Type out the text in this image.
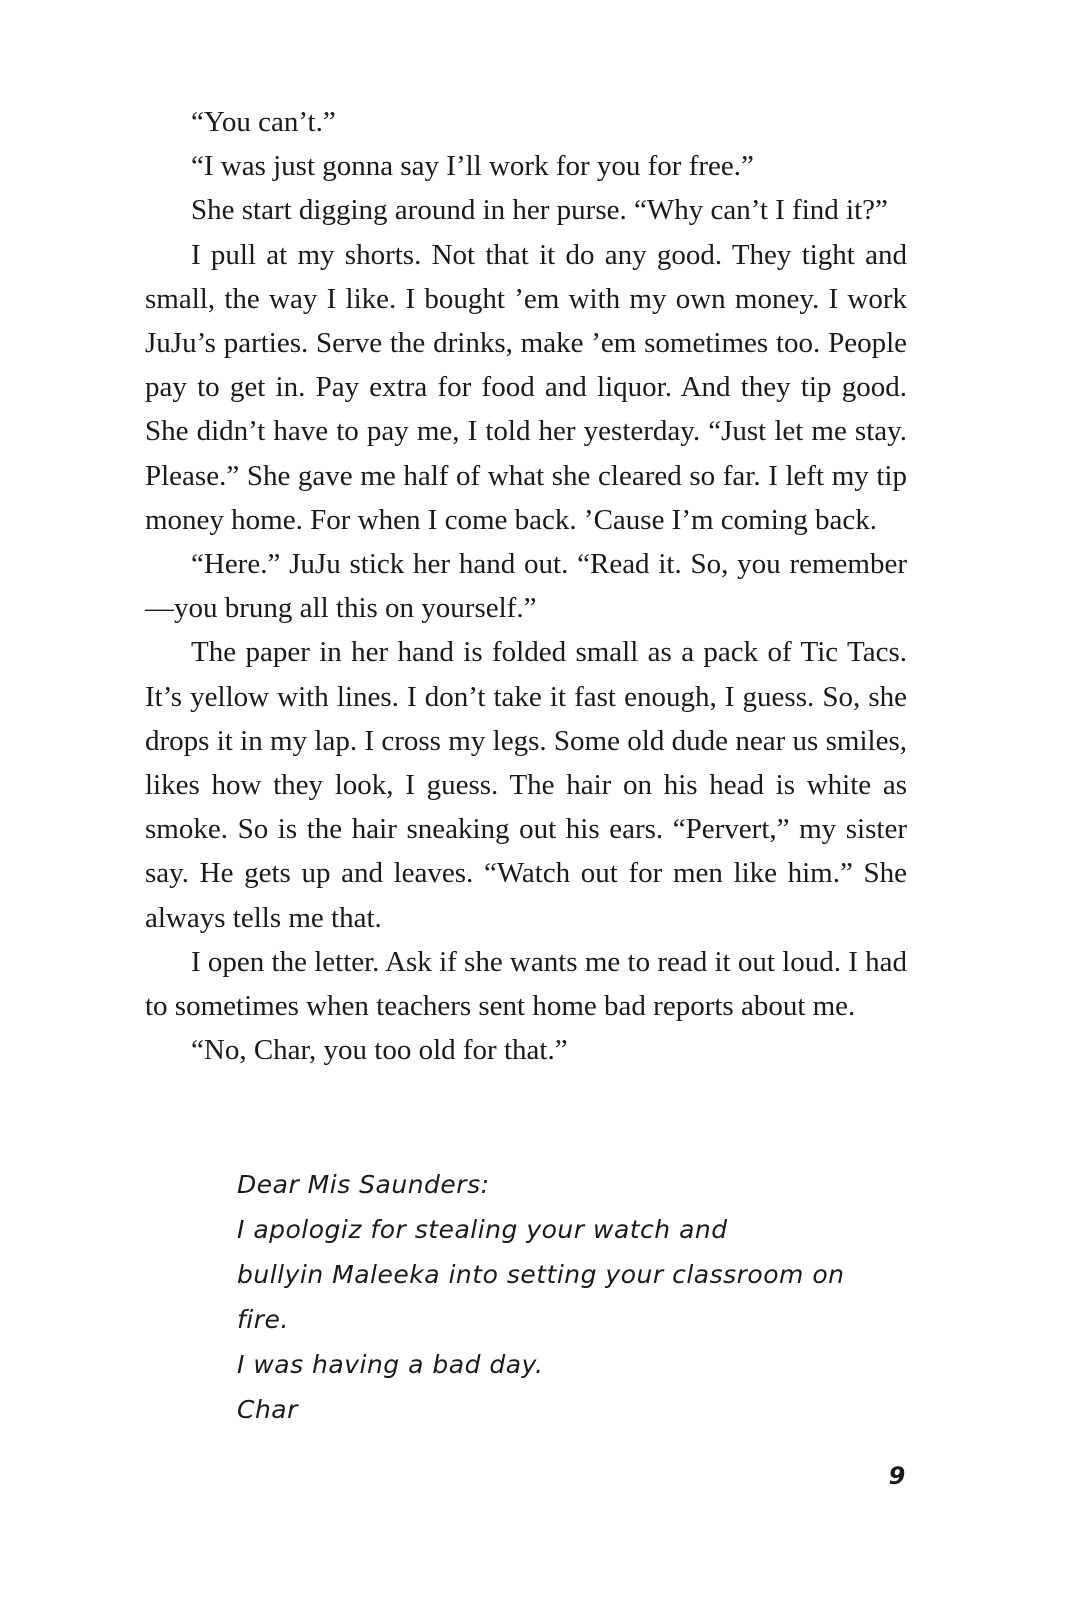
“You can’t.”

“I was just gonna say I’ll work for you for free.”

She start digging around in her purse. “Why can’t I find it?”

I pull at my shorts. Not that it do any good. They tight and small, the way I like. I bought ’em with my own money. I work JuJu’s parties. Serve the drinks, make ’em sometimes too. People pay to get in. Pay extra for food and liquor. And they tip good. She didn’t have to pay me, I told her yesterday. “Just let me stay. Please.” She gave me half of what she cleared so far. I left my tip money home. For when I come back. ’Cause I’m coming back.

“Here.” JuJu stick her hand out. “Read it. So, you remember—you brung all this on yourself.”

The paper in her hand is folded small as a pack of Tic Tacs. It’s yellow with lines. I don’t take it fast enough, I guess. So, she drops it in my lap. I cross my legs. Some old dude near us smiles, likes how they look, I guess. The hair on his head is white as smoke. So is the hair sneaking out his ears. “Pervert,” my sister say. He gets up and leaves. “Watch out for men like him.” She always tells me that.

I open the letter. Ask if she wants me to read it out loud. I had to sometimes when teachers sent home bad reports about me.

“No, Char, you too old for that.”

Dear Mis Saunders:
I apologiz for stealing your watch and
bullyin Maleeka into setting your classroom on
fire.
I was having a bad day.
Char
9
